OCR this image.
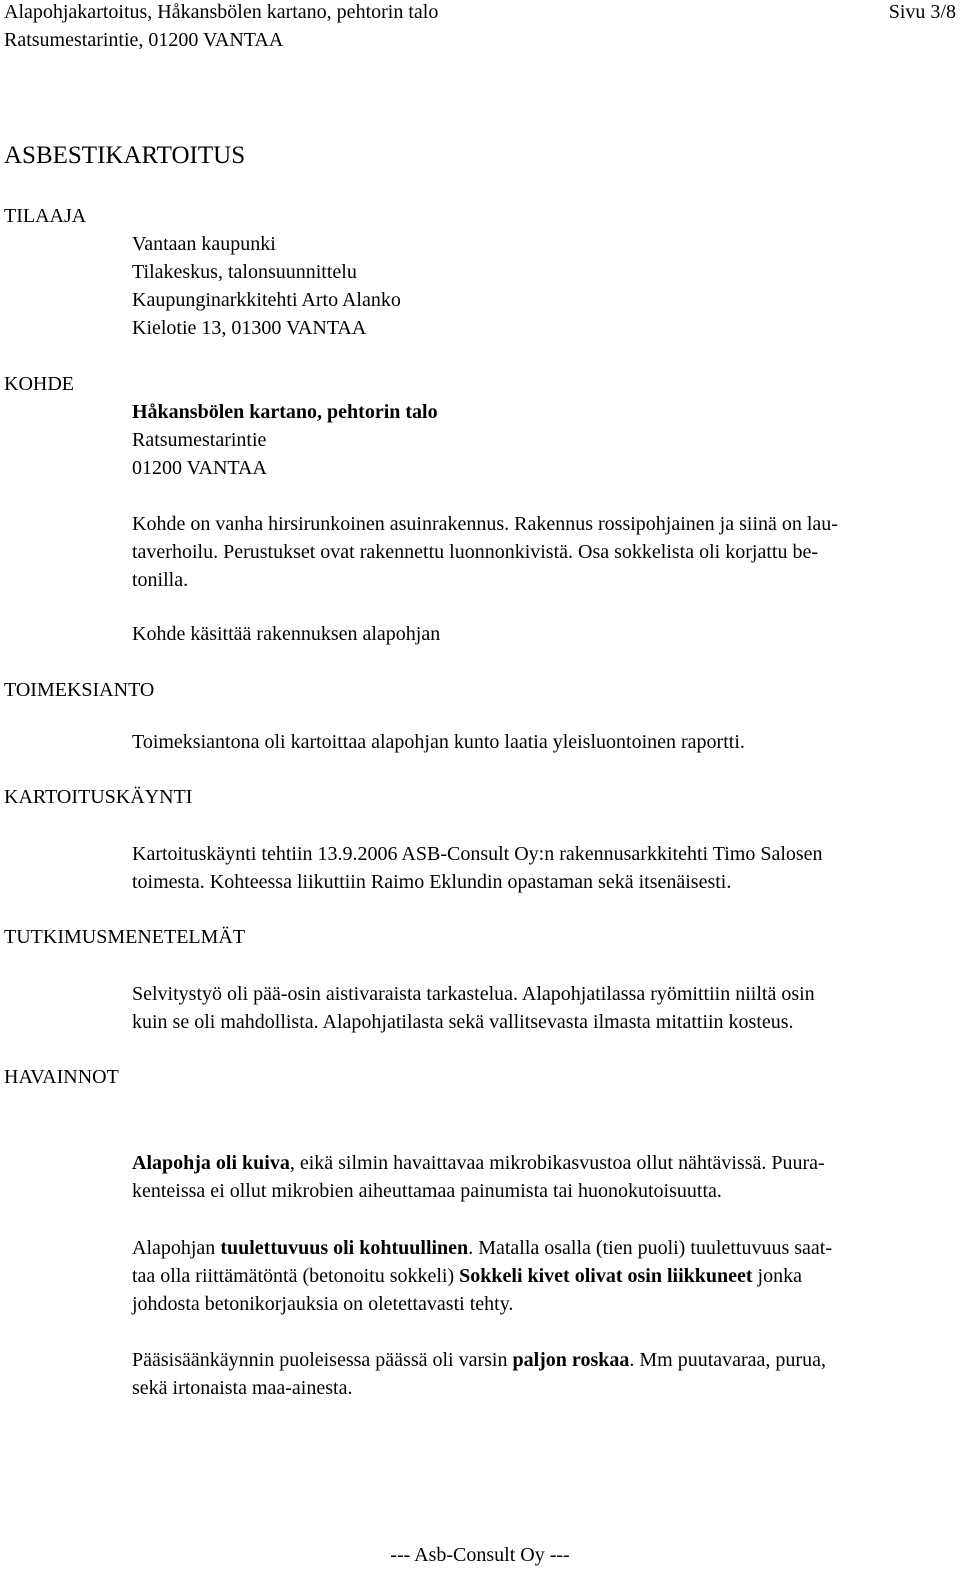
Alapohjakartoitus, Håkansbölen kartano, pehtorin talo
Ratsumestarintie, 01200 VANTAA
Sivu 3/8
ASBESTIKARTOITUS
TILAAJA
KOHDE
TOIMEKSIANTO
KARTOITUSKÄYNTI
TUTKIMUSMENETELMÄT
HAVAINNOT
Vantaan kaupunki
Tilakeskus, talonsuunnittelu
Kaupunginarkkitehti Arto Alanko
Kielotie 13, 01300 VANTAA
Håkansbölen kartano, pehtorin talo
Ratsumestarintie
01200 VANTAA
Kohde on vanha hirsirunkoinen asuinrakennus. Rakennus rossipohjainen ja siinä on lau-
taverhoilu. Perustukset ovat rakennettu luonnonkivistä. Osa sokkelista oli korjattu be-
tonilla.
Kohde käsittää rakennuksen alapohjan
Toimeksiantona oli kartoittaa alapohjan kunto laatia yleisluontoinen raportti.
Kartoituskäynti tehtiin 13.9.2006 ASB-Consult Oy:n rakennusarkkitehti Timo Salosen
toimesta. Kohteessa liikuttiin Raimo Eklundin opastaman sekä itsenäisesti.
Selvitystyö oli pää-osin aistivaraista tarkastelua. Alapohjatilassa ryömittiin niiltä osin
kuin se oli mahdollista. Alapohjatilasta sekä vallitsevasta ilmasta mitattiin kosteus.
Alapohja oli kuiva, eikä silmin havaittavaa mikrobikasvustoa ollut nähtävissä. Puura-
kenteissa ei ollut mikrobien aiheuttamaa painumista tai huonokutoisuutta.
Alapohjan tuulettuvuus oli kohtuullinen. Matalla osalla (tien puoli) tuulettuvuus saat-
taa olla riittämätöntä (betonoitu sokkeli) Sokkeli kivet olivat osin liikkuneet jonka
johdosta betonikorjauksia on oletettavasti tehty.
Pääsisäänkäynnin puoleisessa päässä oli varsin paljon roskaa. Mm puutavaraa, purua,
sekä irtonaista maa-ainesta.
--- Asb-Consult Oy ---
